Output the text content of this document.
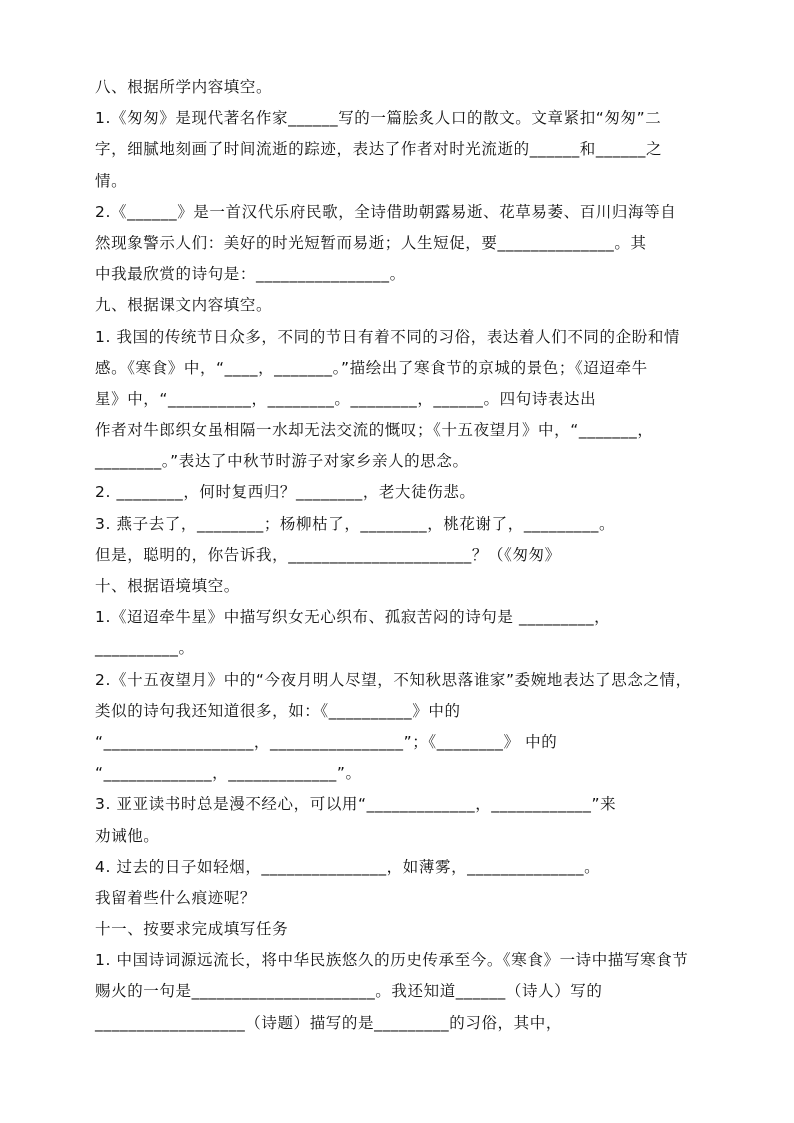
八、根据所学内容填空。
1.《匆匆》是现代著名作家______写的一篇脍炙人口的散文。文章紧扣“匆匆”二
字，细腻地刻画了时间流逝的踪迹，表达了作者对时光流逝的______和______之
情。
2.《______》是一首汉代乐府民歌，全诗借助朝露易逝、花草易萎、百川归海等自
然现象警示人们：美好的时光短暂而易逝；人生短促，要______________。其
中我最欣赏的诗句是：________________。
九、根据课文内容填空。
1. 我国的传统节日众多，不同的节日有着不同的习俗，表达着人们不同的企盼和情
感。《寒食》中，“____，_______。”描绘出了寒食节的京城的景色；《迢迢牵牛
星》中，“__________，________。________，______。四句诗表达出
作者对牛郎织女虽相隔一水却无法交流的慨叹；《十五夜望月》中，“_______，
________。”表达了中秋节时游子对家乡亲人的思念。
2. ________，何时复西归？________，老大徒伤悲。
3. 燕子去了，________；杨柳枯了，________，桃花谢了，_________。
但是，聪明的，你告诉我，______________________？（《匆匆》
十、根据语境填空。
1.《迢迢牵牛星》中描写织女无心织布、孤寂苦闷的诗句是 _________，
__________。
2.《十五夜望月》中的“今夜月明人尽望，不知秋思落谁家”委婉地表达了思念之情，
类似的诗句我还知道很多，如：《__________》中的
“__________________，________________”；《________》 中的
“_____________，_____________”。
3. 亚亚读书时总是漫不经心，可以用“_____________，____________”来
劝诫他。
4. 过去的日子如轻烟，_______________，如薄雾，______________。
我留着些什么痕迹呢？
十一、按要求完成填写任务
1. 中国诗词源远流长，将中华民族悠久的历史传承至今。《寒食》一诗中描写寒食节
赐火的一句是______________________。我还知道______（诗人）写的
__________________（诗题）描写的是_________的习俗，其中，
